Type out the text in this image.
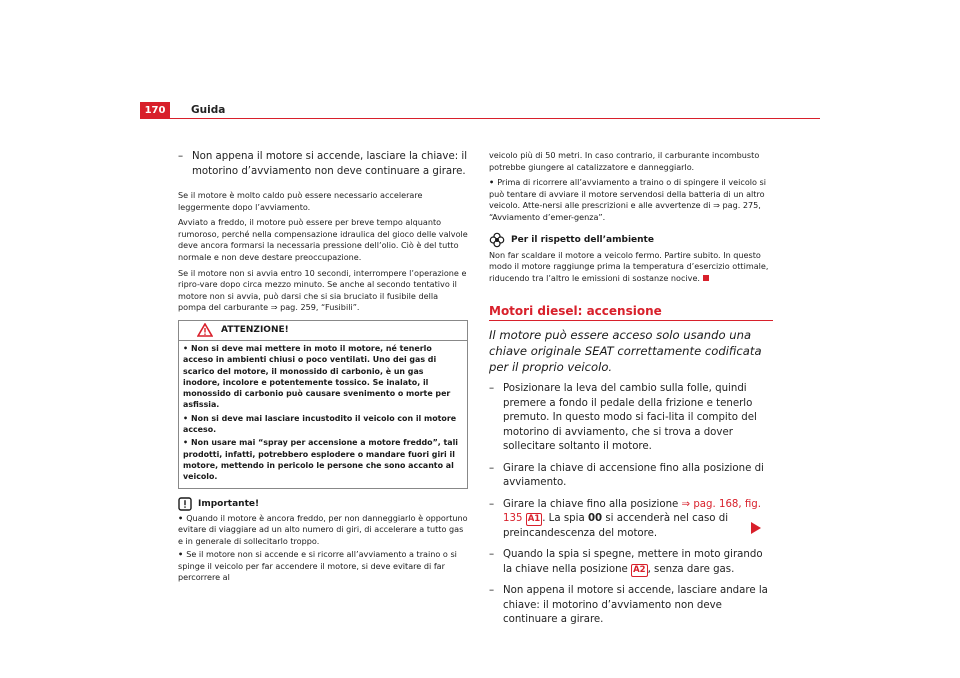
170	Guida
– Non appena il motore si accende, lasciare la chiave: il motorino d’avviamento non deve continuare a girare.

Se il motore è molto caldo può essere necessario accelerare leggermente dopo l’avviamento.

Avviato a freddo, il motore può essere per breve tempo alquanto rumoroso, perché nella compensazione idraulica del gioco delle valvole deve ancora formarsi la necessaria pressione dell’olio. Ciò è del tutto normale e non deve destare preoccupazione.

Se il motore non si avvia entro 10 secondi, interrompere l’operazione e ripro-vare dopo circa mezzo minuto. Se anche al secondo tentativo il motore non si avvia, può darsi che si sia bruciato il fusibile della pompa del carburante ⇒ pag. 259, “Fusibili”.

ATTENZIONE!
• Non si deve mai mettere in moto il motore, né tenerlo acceso in ambienti chiusi o poco ventilati. Uno dei gas di scarico del motore, il monossido di carbonio, è un gas inodore, incolore e potentemente tossico. Se inalato, il monossido di carbonio può causare svenimento o morte per asfissia.
• Non si deve mai lasciare incustodito il veicolo con il motore acceso.
• Non usare mai “spray per accensione a motore freddo”, tali prodotti, infatti, potrebbero esplodere o mandare fuori giri il motore, mettendo in pericolo le persone che sono accanto al veicolo.
Importante!
• Quando il motore è ancora freddo, per non danneggiarlo è opportuno evitare di viaggiare ad un alto numero di giri, di accelerare a tutto gas e in generale di sollecitarlo troppo.
• Se il motore non si accende e si ricorre all’avviamento a traino o si spinge il veicolo per far accendere il motore, si deve evitare di far percorrere al

veicolo più di 50 metri. In caso contrario, il carburante incombusto potrebbe giungere al catalizzatore e danneggiarlo.

• Prima di ricorrere all’avviamento a traino o di spingere il veicolo si può tentare di avviare il motore servendosi della batteria di un altro veicolo. Atte-nersi alle prescrizioni e alle avvertenze di ⇒ pag. 275, “Avviamento d’emer-genza”.
Per il rispetto dell’ambiente

Non far scaldare il motore a veicolo fermo. Partire subito. In questo modo il motore raggiunge prima la temperatura d’esercizio ottimale, riducendo tra l’altro le emissioni di sostanze nocive.

Motori diesel: accensione

Il motore può essere acceso solo usando una chiave originale SEAT correttamente codificata per il proprio veicolo.

– Posizionare la leva del cambio sulla folle, quindi premere a fondo il pedale della frizione e tenerlo premuto. In questo modo si faci-lita il compito del motorino di avviamento, che si trova a dover sollecitare soltanto il motore.
– Girare la chiave di accensione fino alla posizione di avviamento.
– Girare la chiave fino alla posizione ⇒ pag. 168, fig. 135 A1 . La spia 00 si accenderà nel caso di preincandescenza del motore.
– Quando la spia si spegne, mettere in moto girando la chiave nella posizione A2 , senza dare gas.
– Non appena il motore si accende, lasciare andare la chiave: il motorino d’avviamento non deve continuare a girare.
